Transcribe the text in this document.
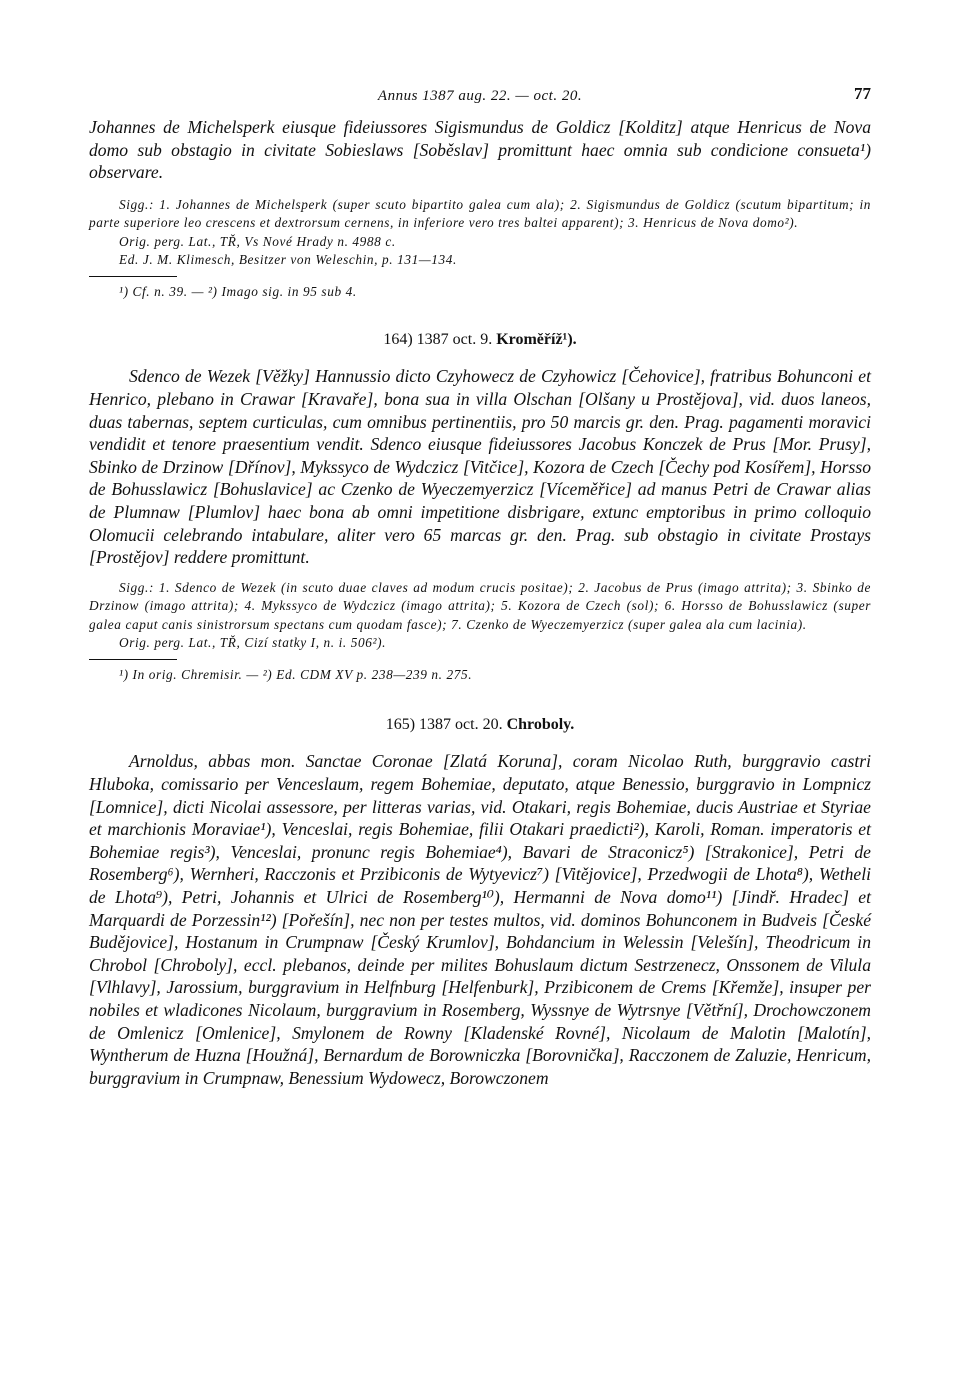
Annus 1387 aug. 22. — oct. 20.	77

Johannes de Michelsperk eiusque fideiussores Sigismundus de Goldicz [Kolditz] atque Henricus de Nova domo sub obstagio in civitate Sobieslaws [Soběslav] promittunt haec omnia sub condicione consueta¹) observare.

Sigg.: 1. Johannes de Michelsperk (super scuto bipartito galea cum ala); 2. Sigismundus de Goldicz (scutum bipartitum; in parte superiore leo crescens et dextrorsum cernens, in inferiore vero tres baltei apparent); 3. Henricus de Nova domo²).

Orig. perg. Lat., TŘ, Vs Nové Hrady n. 4988 c.

Ed. J. M. Klimesch, Besitzer von Weleschin, p. 131—134.

¹) Cf. n. 39. — ²) Imago sig. in 95 sub 4.

164) 1387 oct. 9. Kroměříž¹).

Sdenco de Wezek [Věžky] Hannussio dicto Czyhowecz de Czyhowicz [Čehovice], fratribus Bohunconi et Henrico, plebano in Crawar [Kravaře], bona sua in villa Olschan [Olšany u Prostějova], vid. duos laneos, duas tabernas, septem curticulas, cum omnibus pertinentiis, pro 50 marcis gr. den. Prag. pagamenti moravici vendidit et tenore praesentium vendit. Sdenco eiusque fideiussores Jacobus Konczek de Prus [Mor. Prusy], Sbinko de Drzinow [Dřínov], Mykssyco de Wydczicz [Vitčice], Kozora de Czech [Čechy pod Kosířem], Horsso de Bohusslawicz [Bohuslavice] ac Czenko de Wyeczemyerzicz [Víceměřice] ad manus Petri de Crawar alias de Plumnaw [Plumlov] haec bona ab omni impetitione disbrigare, extunc emptoribus in primo colloquio Olomucii celebrando intabulare, aliter vero 65 marcas gr. den. Prag. sub obstagio in civitate Prostays [Prostějov] reddere promittunt.

Sigg.: 1. Sdenco de Wezek (in scuto duae claves ad modum crucis positae); 2. Jacobus de Prus (imago attrita); 3. Sbinko de Drzinow (imago attrita); 4. Mykssyco de Wydczicz (imago attrita); 5. Kozora de Czech (sol); 6. Horsso de Bohusslawicz (super galea caput canis sinistrorsum spectans cum quodam fasce); 7. Czenko de Wyeczemyerzicz (super galea ala cum lacinia).

Orig. perg. Lat., TŘ, Cizí statky I, n. i. 506²).

¹) In orig. Chremisir. — ²) Ed. CDM XV p. 238—239 n. 275.

165) 1387 oct. 20. Chroboly.

Arnoldus, abbas mon. Sanctae Coronae [Zlatá Koruna], coram Nicolao Ruth, burggravio castri Hluboka, comissario per Venceslaum, regem Bohemiae, deputato, atque Benessio, burggravio in Lompnicz [Lomnice], dicti Nicolai assessore, per litteras varias, vid. Otakari, regis Bohemiae, ducis Austriae et Styriae et marchionis Moraviae¹), Venceslai, regis Bohemiae, filii Otakari praedicti²), Karoli, Roman. imperatoris et Bohemiae regis³), Venceslai, pronunc regis Bohemiae⁴), Bavari de Straconicz⁵) [Strakonice], Petri de Rosemberg⁶), Wernheri, Racczonis et Przibiconis de Wytyevicz⁷) [Vitějovice], Przedwogii de Lhota⁸), Wetheli de Lhota⁹), Petri, Johannis et Ulrici de Rosemberg¹⁰), Hermanni de Nova domo¹¹) [Jindř. Hradec] et Marquardi de Porzessin¹²) [Pořešín], nec non per testes multos, vid. dominos Bohunconem in Budveis [České Budějovice], Hostanum in Crumpnaw [Český Krumlov], Bohdancium in Welessin [Velešín], Theodricum in Chrobol [Chroboly], eccl. plebanos, deinde per milites Bohuslaum dictum Sestrzenecz, Onssonem de Vilula [Vlhlavy], Jarossium, burggravium in Helfnburg [Helfenburk], Przibiconem de Crems [Křemže], insuper per nobiles et wladicones Nicolaum, burggravium in Rosemberg, Wyssnye de Wytrsnye [Větřní], Drochowczonem de Omlenicz [Omlenice], Smylonem de Rowny [Kladenské Rovné], Nicolaum de Malotin [Malotín], Wyntherum de Huzna [Houžná], Bernardum de Borowniczka [Borovnička], Racczonem de Zaluzie, Henricum, burggravium in Crumpnaw, Benessium Wydowecz, Borowczonem
